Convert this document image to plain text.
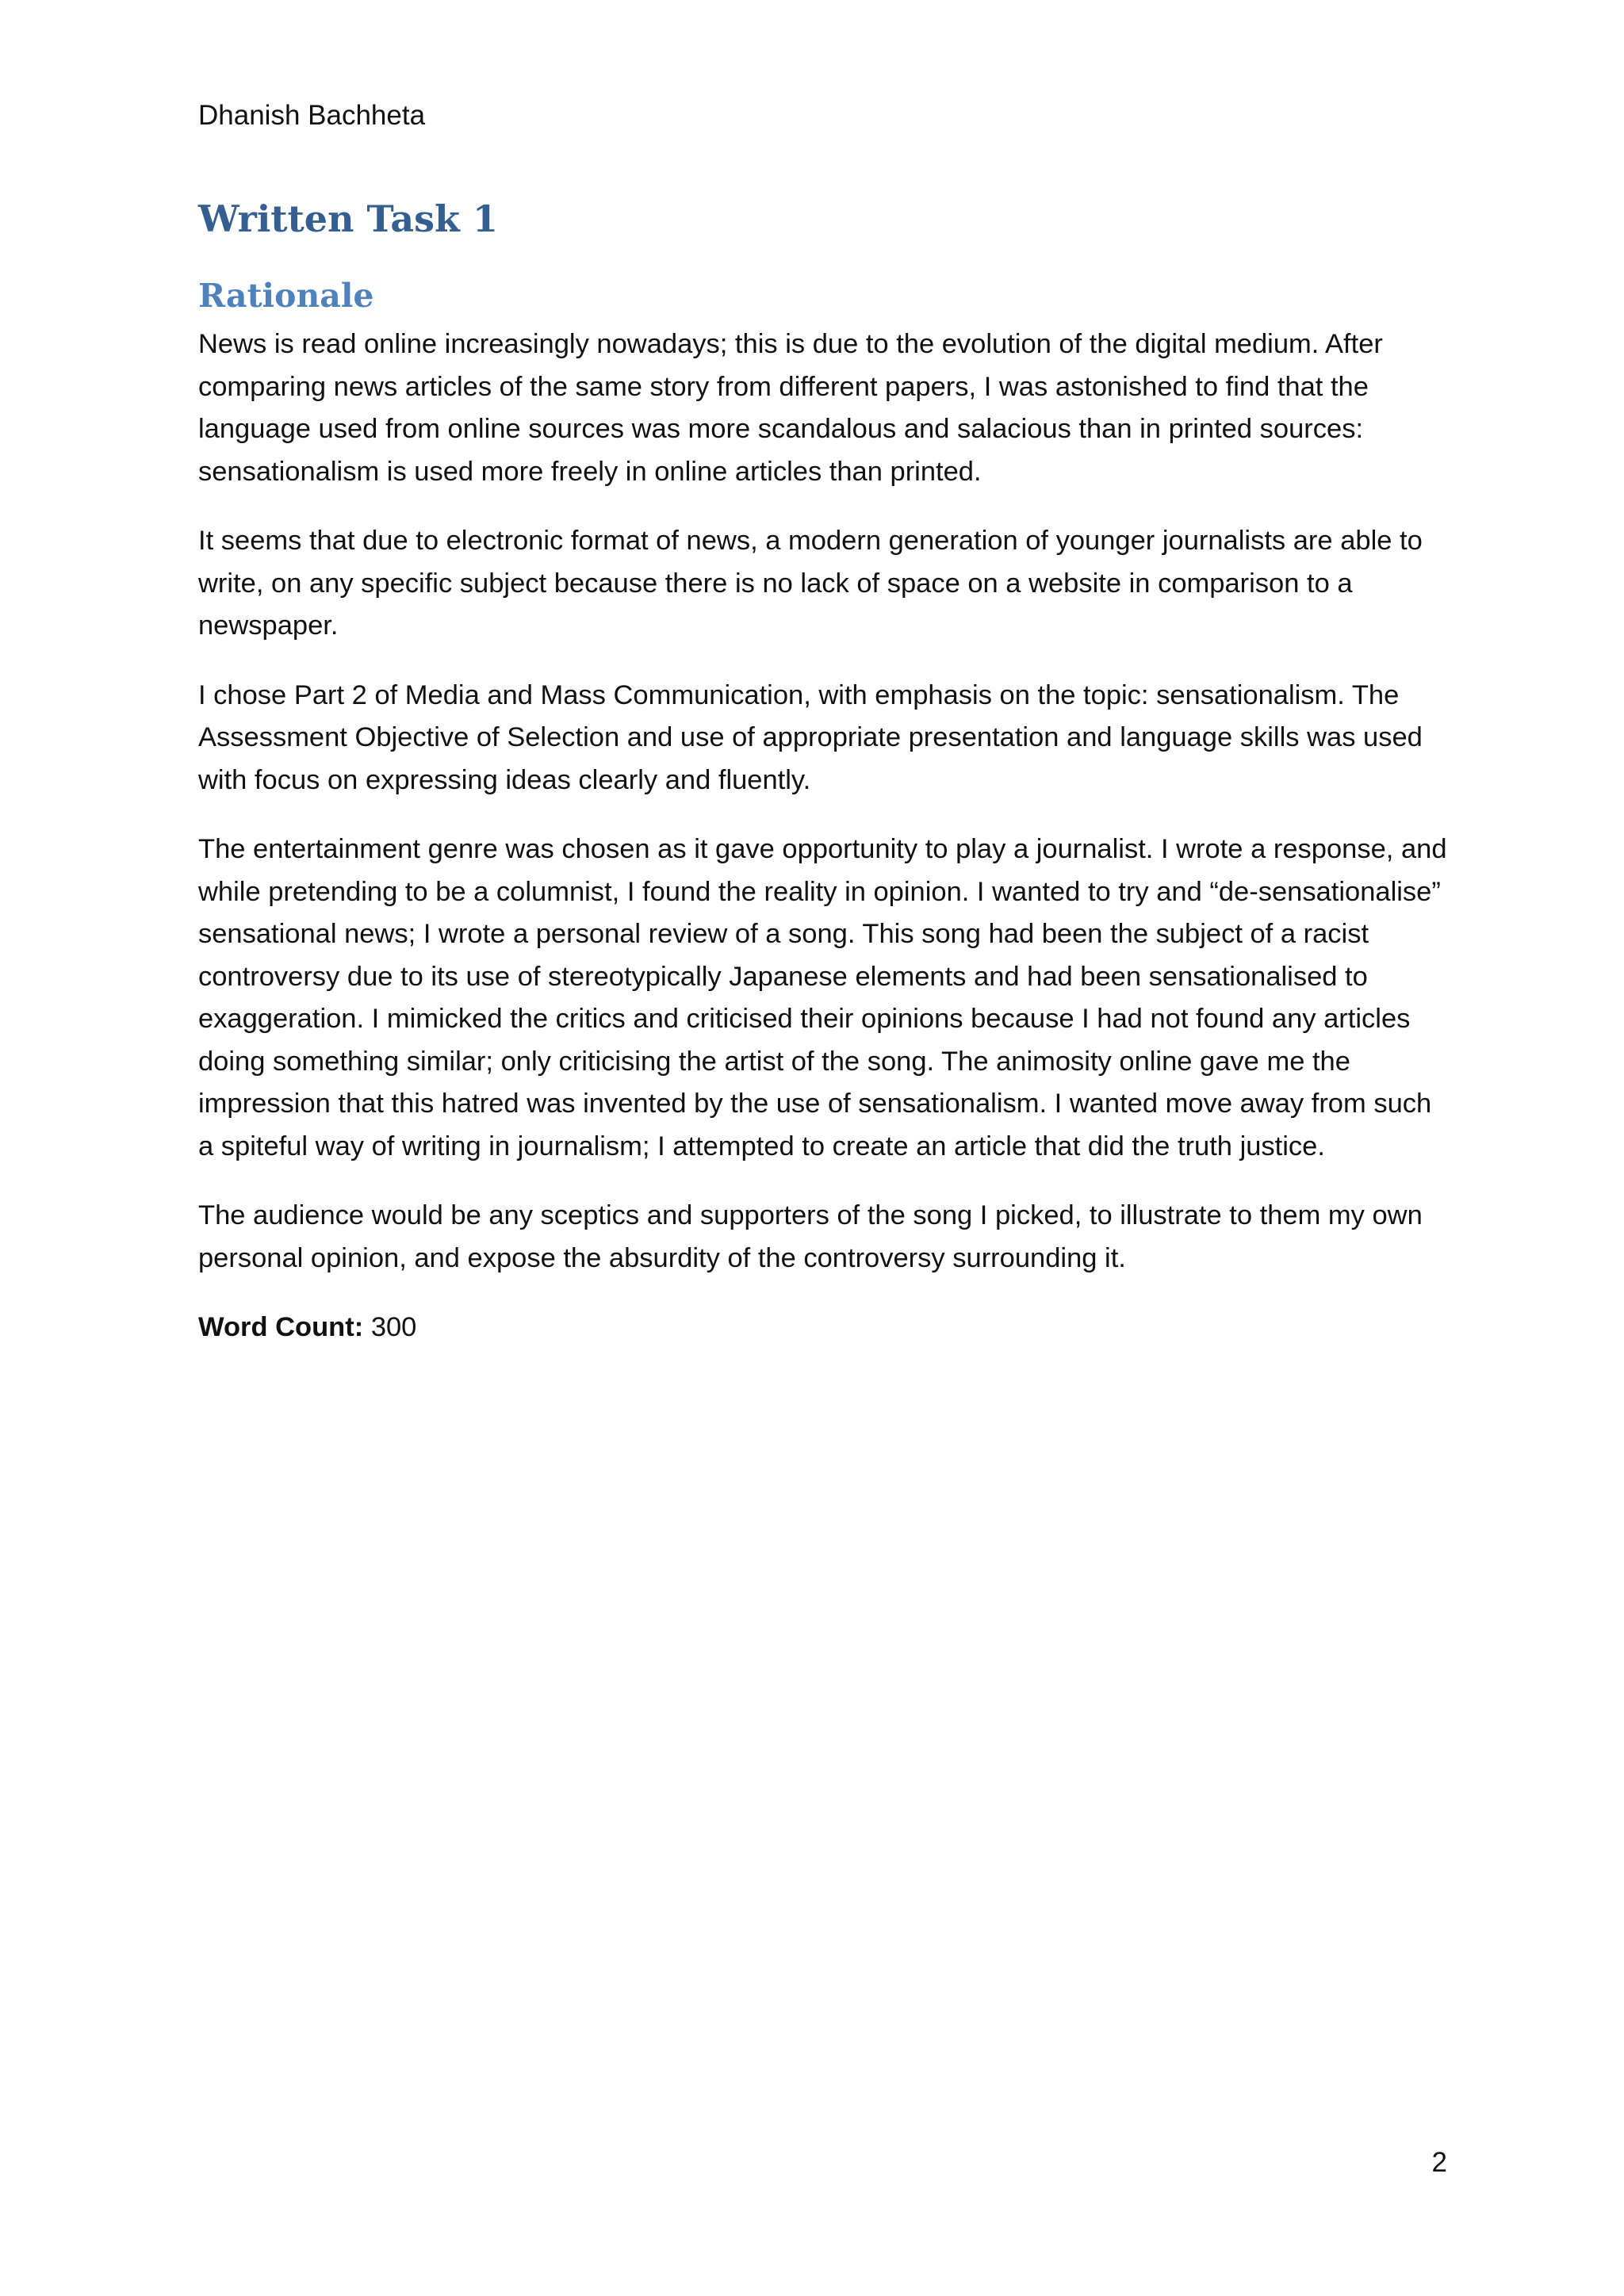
Dhanish Bachheta
Written Task 1
Rationale

News is read online increasingly nowadays; this is due to the evolution of the digital medium. After comparing news articles of the same story from different papers, I was astonished to find that the language used from online sources was more scandalous and salacious than in printed sources: sensationalism is used more freely in online articles than printed.

It seems that due to electronic format of news, a modern generation of younger journalists are able to write, on any specific subject because there is no lack of space on a website in comparison to a newspaper.

I chose Part 2 of Media and Mass Communication, with emphasis on the topic: sensationalism. The Assessment Objective of Selection and use of appropriate presentation and language skills was used with focus on expressing ideas clearly and fluently.

The entertainment genre was chosen as it gave opportunity to play a journalist. I wrote a response, and while pretending to be a columnist, I found the reality in opinion. I wanted to try and “de-sensationalise” sensational news; I wrote a personal review of a song. This song had been the subject of a racist controversy due to its use of stereotypically Japanese elements and had been sensationalised to exaggeration. I mimicked the critics and criticised their opinions because I had not found any articles doing something similar; only criticising the artist of the song. The animosity online gave me the impression that this hatred was invented by the use of sensationalism. I wanted move away from such a spiteful way of writing in journalism; I attempted to create an article that did the truth justice.

The audience would be any sceptics and supporters of the song I picked, to illustrate to them my own personal opinion, and expose the absurdity of the controversy surrounding it.

Word Count: 300

2
